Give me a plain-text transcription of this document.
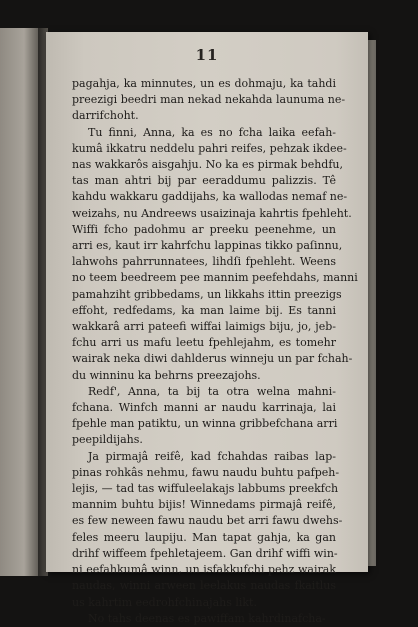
11
pagahja, ka minnutes, un es dohmaju, ka tahdi
preezigi beedri man nekad nekahda launuma ne-
darrifchoht.
Tu finni, Anna, ka es no fcha laika eefah-
kumâ ikkatru neddelu pahri reifes, pehzak ikdee-
nas wakkarôs aisgahju. No ka es pirmak behdfu,
tas man ahtri bij par eeraddumu palizzis. Tê
kahdu wakkaru gaddijahs, ka wallodas nemaf ne-
weizahs, nu Andreews usaizinaja kahrtis fpehleht.
Wiffi fcho padohmu ar preeku peenehme, un
arri es, kaut irr kahrfchu lappinas tikko paſinnu,
lahwohs pahrrunnatees, lihdſi fpehleht. Weens
no teem beedreem pee mannim peefehdahs, manni
pamahziht gribbedams, un likkahs ittin preezigs
effoht, redfedams, ka man laime bij. Es tanni
wakkarâ arri pateefi wiffai laimigs biju, jo, jeb-
fchu arri us mafu leetu fpehlejahm, es tomehr
wairak neka diwi dahlderus winneju un par fchah-
du winninu ka behrns preezajohs.
Redf', Anna, ta bij ta otra welna mahni-
fchana. Winfch manni ar naudu karrinaja, lai
fpehle man patiktu, un winna gribbefchana arri
peepildijahs.
Ja pirmajâ reifê, kad fchahdas raibas lap-
pinas rohkâs nehmu, fawu naudu buhtu pafpeh-
lejis, — tad tas wiffuleelakajs labbums preekfch
mannim buhtu bijis! Winnedams pirmajâ reifê,
es few neween fawu naudu bet arri fawu dwehs-
feles meeru laupiju. Man tapat gahja, ka gan
drihf wiffeem fpehletajeem. Gan drihf wiffi win-
ni eefahkumâ winn, un isfakkufchi pehz wairak
naudas, winni arween leelakus naudas fkaitlus
us kahrtim eedrohfchinajahs likt.
No tahs deenas es pawiffam kahrdinafcha-
